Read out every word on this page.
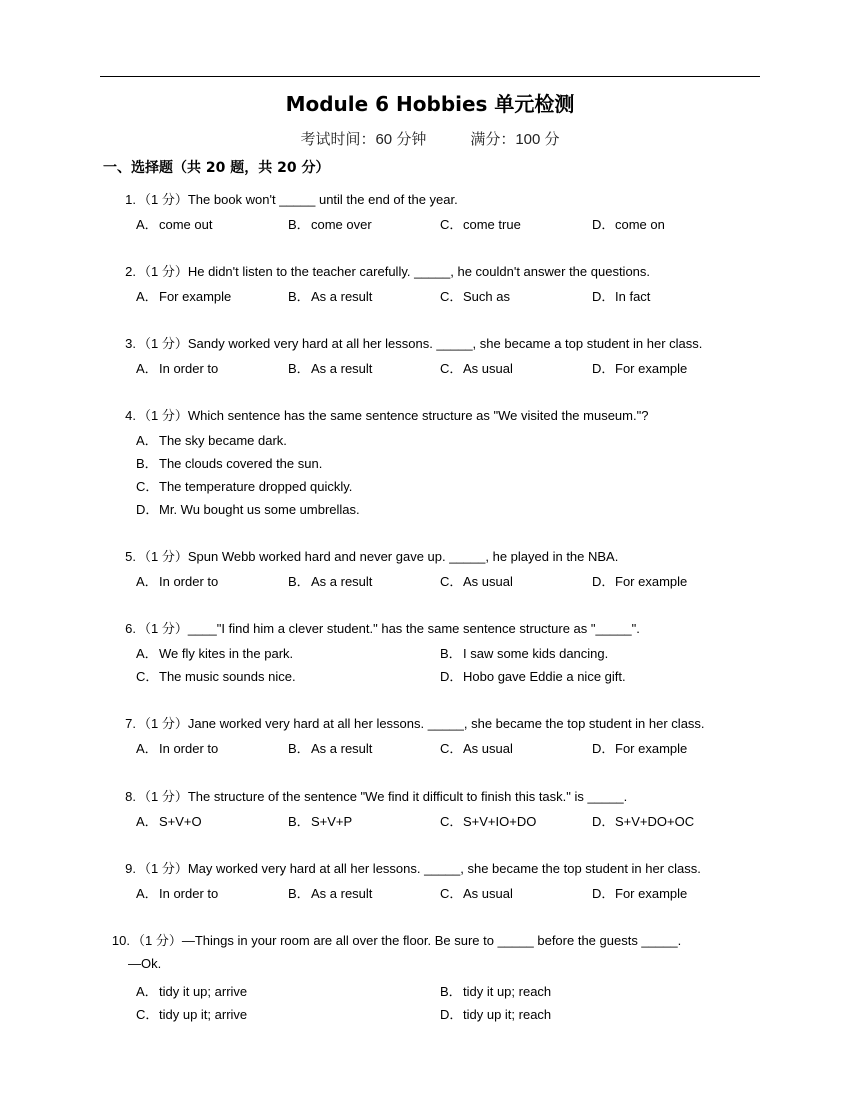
Module 6 Hobbies 单元检测
考试时间：60 分钟	满分：100 分
一、选择题（共 20 题，共 20 分）
1. （1 分）The book won't _____ until the end of the year.
A．come out	B．come over	C．come true	D．come on
2. （1 分）He didn't listen to the teacher carefully. _____, he couldn't answer the questions.
A．For example	B．As a result	C．Such as	D．In fact
3. （1 分）Sandy worked very hard at all her lessons. _____, she became a top student in her class.
A．In order to	B．As a result	C．As usual	D．For example
4. （1 分）Which sentence has the same sentence structure as "We visited the museum."?
A．The sky became dark.
B．The clouds covered the sun.
C．The temperature dropped quickly.
D．Mr. Wu bought us some umbrellas.
5. （1 分）Spun Webb worked hard and never gave up. _____, he played in the NBA.
A．In order to	B．As a result	C．As usual	D．For example
6. （1 分）____"I find him a clever student." has the same sentence structure as "_____".
A．We fly kites in the park.	B．I saw some kids dancing.
C．The music sounds nice.	D．Hobo gave Eddie a nice gift.
7. （1 分）Jane worked very hard at all her lessons. _____, she became the top student in her class.
A．In order to	B．As a result	C．As usual	D．For example
8. （1 分）The structure of the sentence "We find it difficult to finish this task." is _____.
A．S+V+O	B．S+V+P	C．S+V+IO+DO	D．S+V+DO+OC
9. （1 分）May worked very hard at all her lessons. _____, she became the top student in her class.
A．In order to	B．As a result	C．As usual	D．For example
10. （1 分）—Things in your room are all over the floor. Be sure to _____ before the guests _____.
—Ok.
A．tidy it up; arrive	B．tidy it up; reach
C．tidy up it; arrive	D．tidy up it; reach
